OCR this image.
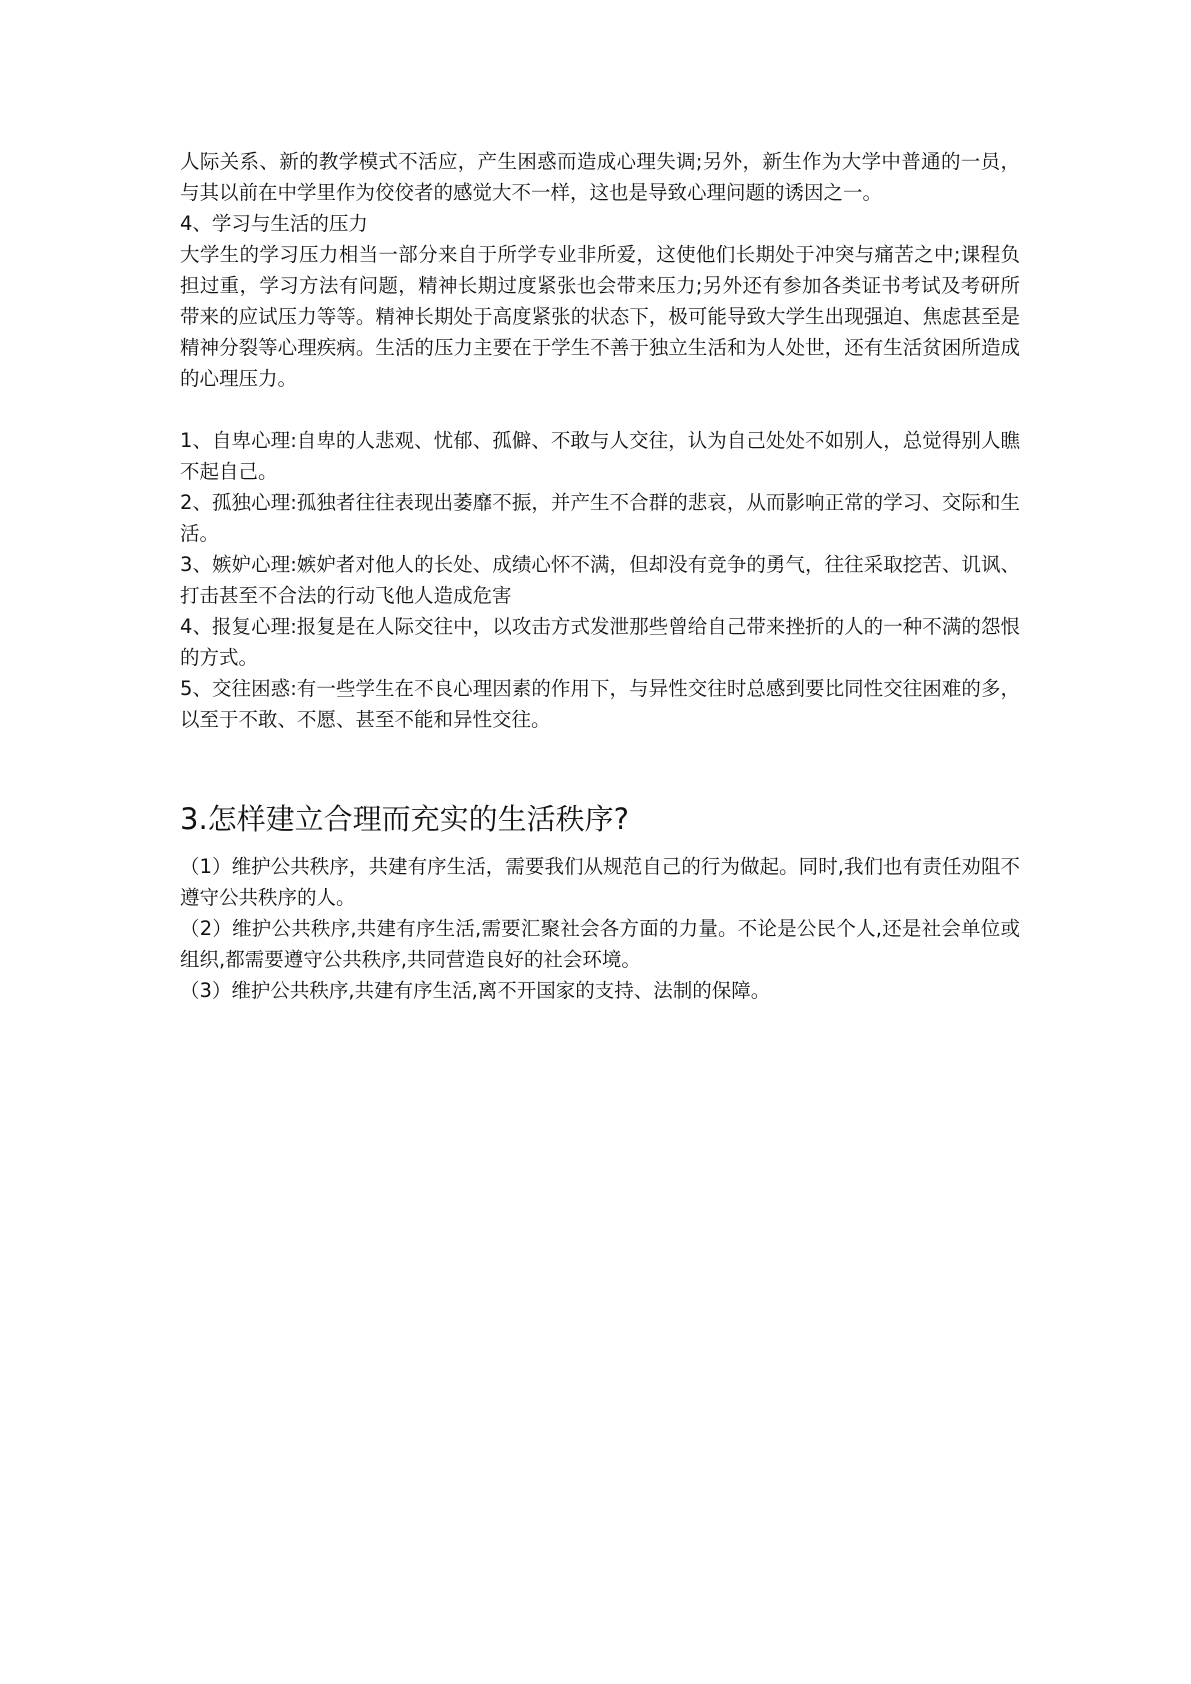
人际关系、新的教学模式不活应，产生困惑而造成心理失调;另外，新生作为大学中普通的一员，与其以前在中学里作为佼佼者的感觉大不一样，这也是导致心理问题的诱因之一。

4、学习与生活的压力

大学生的学习压力相当一部分来自于所学专业非所爱，这使他们长期处于冲突与痛苦之中;课程负担过重，学习方法有问题，精神长期过度紧张也会带来压力;另外还有参加各类证书考试及考研所带来的应试压力等等。精神长期处于高度紧张的状态下，极可能导致大学生出现强迫、焦虑甚至是精神分裂等心理疾病。生活的压力主要在于学生不善于独立生活和为人处世，还有生活贫困所造成的心理压力。

1、自卑心理:自卑的人悲观、忧郁、孤僻、不敢与人交往，认为自己处处不如别人，总觉得别人瞧不起自己。

2、孤独心理:孤独者往往表现出萎靡不振，并产生不合群的悲哀，从而影响正常的学习、交际和生活。

3、嫉妒心理:嫉妒者对他人的长处、成绩心怀不满，但却没有竞争的勇气，往往采取挖苦、讥讽、打击甚至不合法的行动飞他人造成危害

4、报复心理:报复是在人际交往中，以攻击方式发泄那些曾给自己带来挫折的人的一种不满的怨恨的方式。

5、交往困惑:有一些学生在不良心理因素的作用下，与异性交往时总感到要比同性交往困难的多，以至于不敢、不愿、甚至不能和异性交往。

3.怎样建立合理而充实的生活秩序?

（1）维护公共秩序，共建有序生活，需要我们从规范自己的行为做起。同时,我们也有责任劝阻不遵守公共秩序的人。

（2）维护公共秩序,共建有序生活,需要汇聚社会各方面的力量。不论是公民个人,还是社会单位或组织,都需要遵守公共秩序,共同营造良好的社会环境。

（3）维护公共秩序,共建有序生活,离不开国家的支持、法制的保障。
